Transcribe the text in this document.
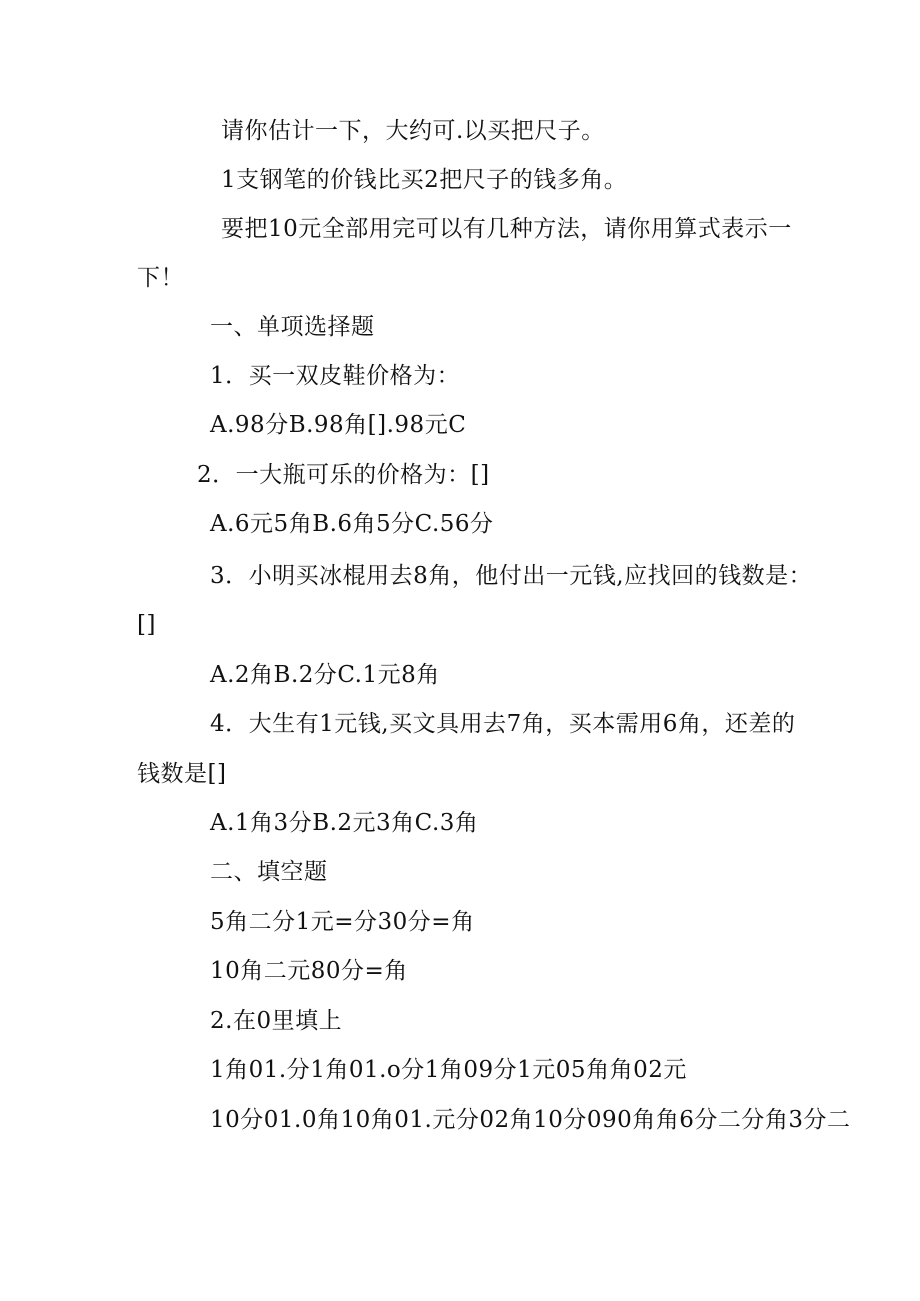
请你估计一下，大约可.以买把尺子。
1支钢笔的价钱比买2把尺子的钱多角。
要把10元全部用完可以有几种方法，请你用算式表示一
下！
一、单项选择题
1．买一双皮鞋价格为：
A.98分B.98角[].98元C
2．一大瓶可乐的价格为：[]
A.6元5角B.6角5分C.56分
3．小明买冰棍用去8角，他付出一元钱,应找回的钱数是：
[]
A.2角B.2分C.1元8角
4．大生有1元钱,买文具用去7角，买本需用6角，还差的
钱数是[]
A.1角3分B.2元3角C.3角
二、填空题
5角二分1元=分30分=角
10角二元80分=角
2.在0里填上
1角01.分1角01.o分1角09分1元05角角02元
10分01.0角10角01.元分02角10分090角角6分二分角3分二
